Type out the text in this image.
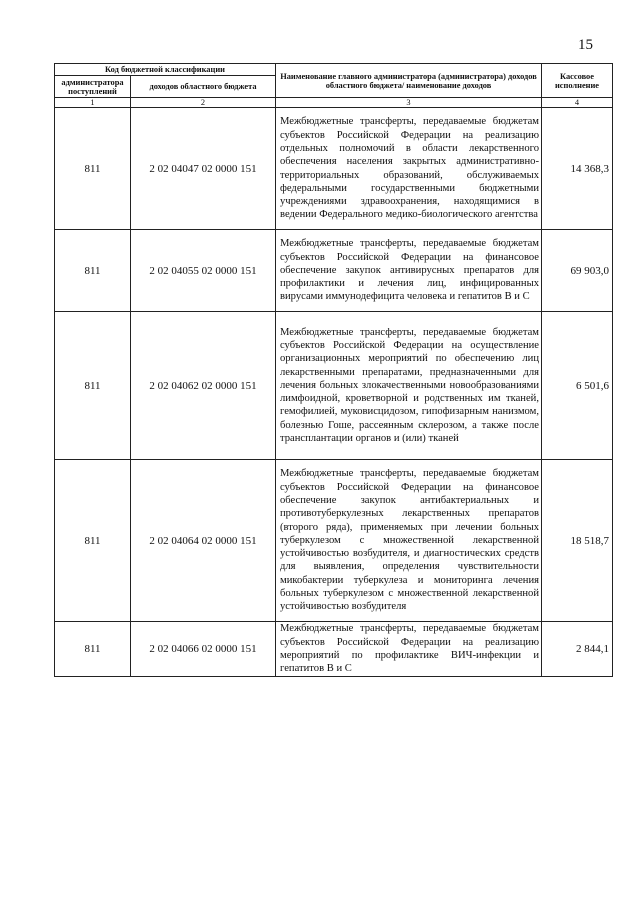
15
Код бюджетной классификации		Наименование главного администратора (администратора) доходов областного бюджета/ наименование доходов	Кассовое исполнение
администратора поступлений	доходов областного бюджета		
1	2	3	4
811	2 02 04047 02 0000 151	Межбюджетные трансферты, передаваемые бюджетам субъектов Российской Федерации на реализацию отдельных полномочий в области лекарственного обеспечения населения закрытых административно-территориальных образований, обслуживаемых федеральными государственными бюджетными учреждениями здравоохранения, находящимися в ведении Федерального медико-биологического агентства	14 368,3
811	2 02 04055 02 0000 151	Межбюджетные трансферты, передаваемые бюджетам субъектов Российской Федерации на финансовое обеспечение закупок антивирусных препаратов для профилактики и лечения лиц, инфицированных вирусами иммунодефицита человека и гепатитов B и C	69 903,0
811	2 02 04062 02 0000 151	Межбюджетные трансферты, передаваемые бюджетам субъектов Российской Федерации на осуществление организационных мероприятий по обеспечению лиц лекарственными препаратами, предназначенными для лечения больных злокачественными новообразованиями лимфоидной, кроветворной и родственных им тканей, гемофилией, муковисцидозом, гипофизарным нанизмом, болезнью Гоше, рассеянным склерозом, а также после трансплантации органов и (или) тканей	6 501,6
811	2 02 04064 02 0000 151	Межбюджетные трансферты, передаваемые бюджетам субъектов Российской Федерации на финансовое обеспечение закупок антибактериальных и противотуберкулезных лекарственных препаратов (второго ряда), применяемых при лечении больных туберкулезом с множественной лекарственной устойчивостью возбудителя, и диагностических средств для выявления, определения чувствительности микобактерии туберкулеза и мониторинга лечения больных туберкулезом с множественной лекарственной устойчивостью возбудителя	18 518,7
811	2 02 04066 02 0000 151	Межбюджетные трансферты, передаваемые бюджетам субъектов Российской Федерации на реализацию мероприятий по профилактике ВИЧ-инфекции и гепатитов B и C	2 844,1
